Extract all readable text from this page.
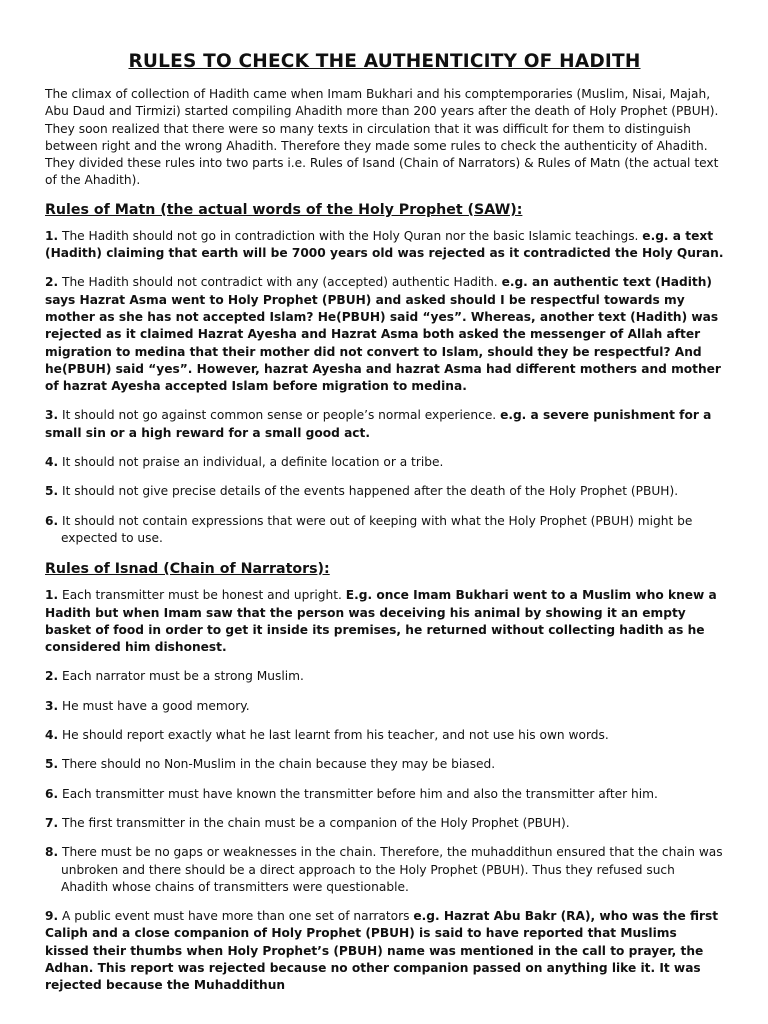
RULES TO CHECK THE AUTHENTICITY OF HADITH

The climax of collection of Hadith came when Imam Bukhari and his comptemporaries (Muslim, Nisai, Majah, Abu Daud and Tirmizi) started compiling Ahadith more than 200 years after the death of Holy Prophet (PBUH). They soon realized that there were so many texts in circulation that it was difficult for them to distinguish between right and the wrong Ahadith. Therefore they made some rules to check the authenticity of Ahadith. They divided these rules into two parts i.e. Rules of Isand (Chain of Narrators) & Rules of Matn (the actual text of the Ahadith).

Rules of Matn (the actual words of the Holy Prophet (SAW):

1. The Hadith should not go in contradiction with the Holy Quran nor the basic Islamic teachings. e.g. a text (Hadith) claiming that earth will be 7000 years old was rejected as it contradicted the Holy Quran.

2. The Hadith should not contradict with any (accepted) authentic Hadith. e.g. an authentic text (Hadith) says Hazrat Asma went to Holy Prophet (PBUH) and asked should I be respectful towards my mother as she has not accepted Islam? He(PBUH) said “yes”. Whereas, another text (Hadith) was rejected as it claimed Hazrat Ayesha and Hazrat Asma both asked the messenger of Allah after migration to medina that their mother did not convert to Islam, should they be respectful? And he(PBUH) said “yes”. However, hazrat Ayesha and hazrat Asma had different mothers and mother of hazrat Ayesha accepted Islam before migration to medina.

3. It should not go against common sense or people’s normal experience. e.g. a severe punishment for a small sin or a high reward for a small good act.

4. It should not praise an individual, a definite location or a tribe.

5. It should not give precise details of the events happened after the death of the Holy Prophet (PBUH).

6. It should not contain expressions that were out of keeping with what the Holy Prophet (PBUH) might be expected to use.

Rules of Isnad (Chain of Narrators):

1. Each transmitter must be honest and upright. E.g. once Imam Bukhari went to a Muslim who knew a Hadith but when Imam saw that the person was deceiving his animal by showing it an empty basket of food in order to get it inside its premises, he returned without collecting hadith as he considered him dishonest.

2. Each narrator must be a strong Muslim.

3. He must have a good memory.

4. He should report exactly what he last learnt from his teacher, and not use his own words.

5. There should no Non-Muslim in the chain because they may be biased.

6. Each transmitter must have known the transmitter before him and also the transmitter after him.

7. The first transmitter in the chain must be a companion of the Holy Prophet (PBUH).

8. There must be no gaps or weaknesses in the chain. Therefore, the muhaddithun ensured that the chain was unbroken and there should be a direct approach to the Holy Prophet (PBUH). Thus they refused such Ahadith whose chains of transmitters were questionable.

9. A public event must have more than one set of narrators e.g. Hazrat Abu Bakr (RA), who was the first Caliph and a close companion of Holy Prophet (PBUH) is said to have reported that Muslims kissed their thumbs when Holy Prophet’s (PBUH) name was mentioned in the call to prayer, the Adhan. This report was rejected because no other companion passed on anything like it. It was rejected because the Muhaddithun
